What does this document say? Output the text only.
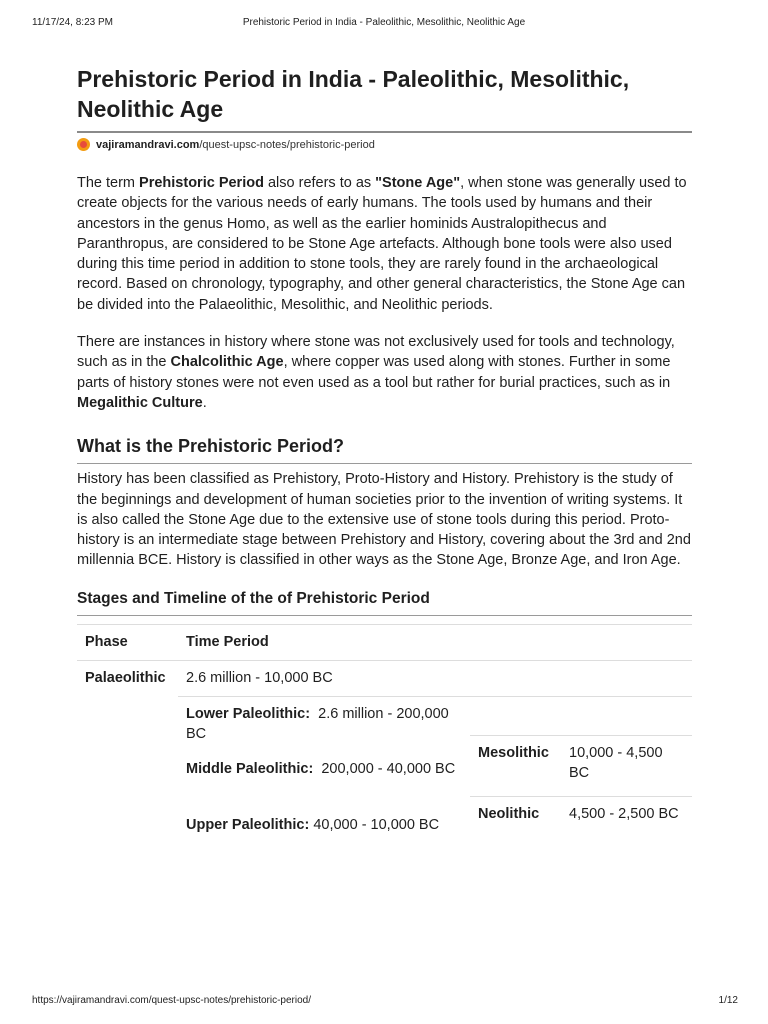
11/17/24, 8:23 PM	Prehistoric Period in India - Paleolithic, Mesolithic, Neolithic Age
Prehistoric Period in India - Paleolithic, Mesolithic, Neolithic Age
vajiramandravi.com /quest-upsc-notes/prehistoric-period

The term Prehistoric Period also refers to as "Stone Age", when stone was generally used to create objects for the various needs of early humans. The tools used by humans and their ancestors in the genus Homo, as well as the earlier hominids Australopithecus and Paranthropus, are considered to be Stone Age artefacts. Although bone tools were also used during this time period in addition to stone tools, they are rarely found in the archaeological record. Based on chronology, typography, and other general characteristics, the Stone Age can be divided into the Palaeolithic, Mesolithic, and Neolithic periods.

There are instances in history where stone was not exclusively used for tools and technology, such as in the Chalcolithic Age, where copper was used along with stones. Further in some parts of history stones were not even used as a tool but rather for burial practices, such as in Megalithic Culture.

What is the Prehistoric Period?

History has been classified as Prehistory, Proto-History and History. Prehistory is the study of the beginnings and development of human societies prior to the invention of writing systems. It is also called the Stone Age due to the extensive use of stone tools during this period. Proto-history is an intermediate stage between Prehistory and History, covering about the 3rd and 2nd millennia BCE. History is classified in other ways as the Stone Age, Bronze Age, and Iron Age.

Stages and Timeline of the of Prehistoric Period
Phase	Time Period
Palaeolithic 2.6 million - 10,000 BC
Lower Paleolithic: 2.6 million - 200,000 BC
Middle Paleolithic: 200,000 - 40,000 BC
Upper Paleolithic: 40,000 - 10,000 BC
Mesolithic 10,000 - 4,500 BC
Neolithic 4,500 - 2,500 BC
https://vajiramandravi.com/quest-upsc-notes/prehistoric-period/	1/12
